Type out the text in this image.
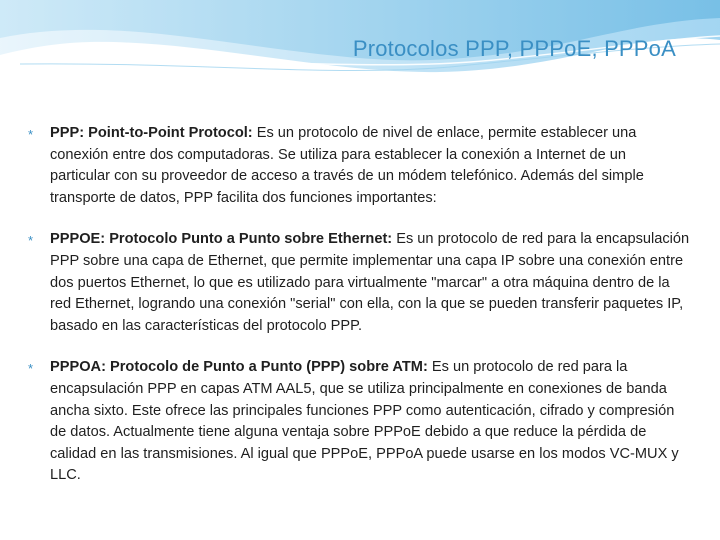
Protocolos PPP, PPPoE, PPPoA
* PPP: Point-to-Point Protocol: Es un protocolo de nivel de enlace, permite establecer una conexión entre dos computadoras. Se utiliza para establecer la conexión a Internet de un particular con su proveedor de acceso a través de un módem telefónico. Además del simple transporte de datos, PPP facilita dos funciones importantes:
* PPPOE: Protocolo Punto a Punto sobre Ethernet: Es un protocolo de red para la encapsulación PPP sobre una capa de Ethernet, que permite implementar una capa IP sobre una conexión entre dos puertos Ethernet, lo que es utilizado para virtualmente "marcar" a otra máquina dentro de la red Ethernet, logrando una conexión "serial" con ella, con la que se pueden transferir paquetes IP, basado en las características del protocolo PPP.
* PPPOA: Protocolo de Punto a Punto (PPP) sobre ATM: Es un protocolo de red para la encapsulación PPP en capas ATM AAL5, que se utiliza principalmente en conexiones de banda ancha sixto. Este ofrece las principales funciones PPP como autenticación, cifrado y compresión de datos. Actualmente tiene alguna ventaja sobre PPPoE debido a que reduce la pérdida de calidad en las transmisiones. Al igual que PPPoE, PPPoA puede usarse en los modos VC-MUX y LLC.
